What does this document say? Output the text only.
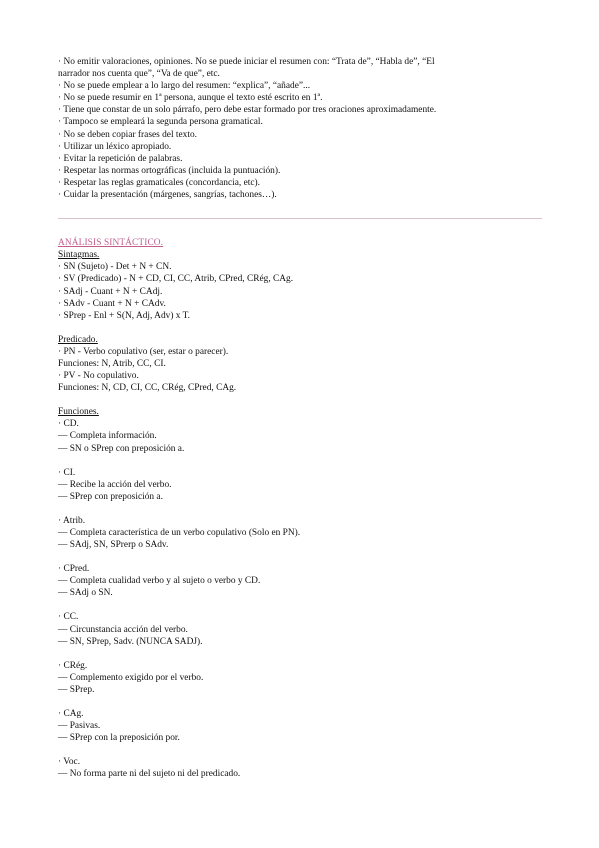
· No emitir valoraciones, opiniones. No se puede iniciar el resumen con: “Trata de”, “Habla de”, “El
narrador nos cuenta que”, “Va de que”, etc.
· No se puede emplear a lo largo del resumen: “explica”, “añade”...
· No se puede resumir en 1ª persona, aunque el texto esté escrito en 1ª.
· Tiene que constar de un solo párrafo, pero debe estar formado por tres oraciones aproximadamente.
· Tampoco se empleará la segunda persona gramatical.
· No se deben copiar frases del texto.
· Utilizar un léxico apropiado.
· Evitar la repetición de palabras.
· Respetar las normas ortográficas (incluida la puntuación).
· Respetar las reglas gramaticales (concordancia, etc).
· Cuidar la presentación (márgenes, sangrías, tachones…).
ANÁLISIS SINTÁCTICO.
Sintagmas.
· SN (Sujeto) - Det + N + CN.
· SV (Predicado) - N + CD, CI, CC, Atrib, CPred, CRég, CAg.
· SAdj - Cuant + N + CAdj.
· SAdv - Cuant + N + CAdv.
· SPrep - Enl + S(N, Adj, Adv) x T.
Predicado.
· PN - Verbo copulativo (ser, estar o parecer).
Funciones: N, Atrib, CC, CI.
· PV - No copulativo.
Funciones: N, CD, CI, CC, CRég, CPred, CAg.
Funciones.
· CD.
— Completa información.
— SN o SPrep con preposición a.
· CI.
— Recibe la acción del verbo.
— SPrep con preposición a.
· Atrib.
— Completa característica de un verbo copulativo (Solo en PN).
— SAdj, SN, SPrerp o SAdv.
· CPred.
— Completa cualidad verbo y al sujeto o verbo y CD.
— SAdj o SN.
· CC.
— Circunstancia acción del verbo.
— SN, SPrep, Sadv. (NUNCA SADJ).
· CRég.
— Complemento exigido por el verbo.
— SPrep.
· CAg.
— Pasivas.
— SPrep con la preposición por.
· Voc.
— No forma parte ni del sujeto ni del predicado.
